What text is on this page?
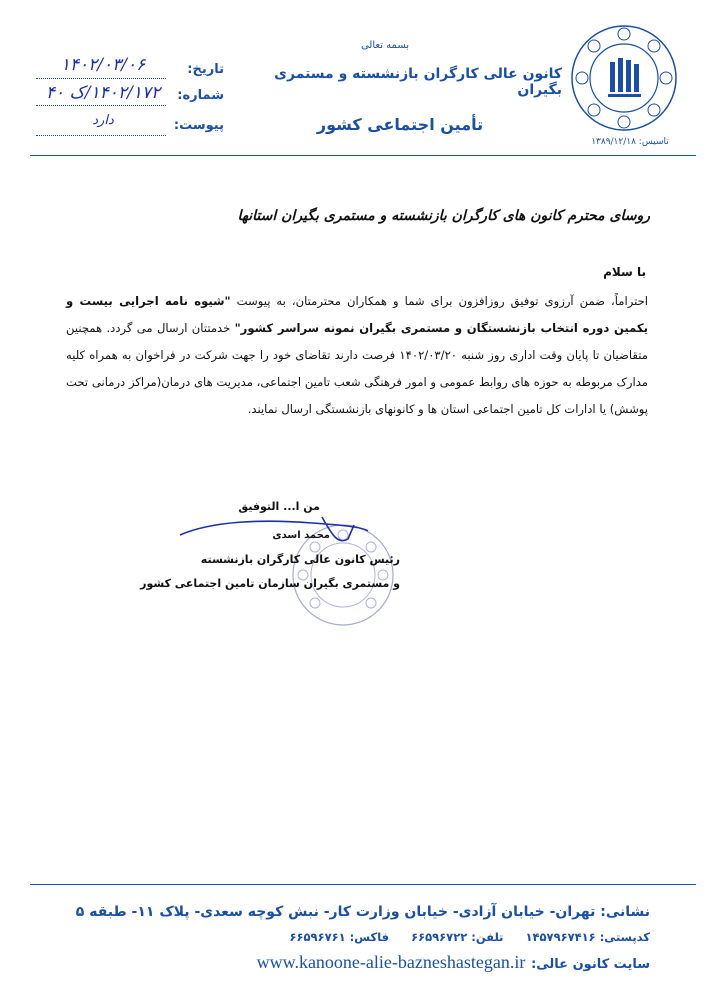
تاسیس: ۱۳۸۹/۱۲/۱۸
بسمه تعالی
کانون عالی کارگران بازنشسته و مستمری بگیران
تأمین اجتماعی کشور
تاریخ:
شماره:
پیوست:
۱۴۰۲/۰۳/۰۶
۱۴۰۲/۱۷۲/ک ۴۰
دارد
روسای محترم کانون های کارگران بازنشسته و مستمری بگیران استانها
با سلام
احتراماً، ضمن آرزوی توفیق روزافزون برای شما و همکاران محترمتان، به پیوست "شیوه نامه اجرایی بیست و یکمین دوره انتخاب بازنشستگان و مستمری بگیران نمونه سراسر کشور" خدمتتان ارسال می گردد. همچنین متقاضیان تا پایان وقت اداری روز شنبه ۱۴۰۲/۰۳/۲۰ فرصت دارند تقاضای خود را جهت شرکت در فراخوان به همراه کلیه مدارک مربوطه به حوزه های روابط عمومی و امور فرهنگی شعب تامین اجتماعی، مدیریت های درمان(مراکز درمانی تحت پوشش) یا ادارات کل تامین اجتماعی استان ها و کانونهای بازنشستگی ارسال نمایند.
من ا... التوفیق
محمد اسدی
رئیس کانون عالی کارگران بازنشسته
و مستمری بگیران سازمان تامین اجتماعی کشور
نشانی: تهران- خیابان آزادی- خیابان وزارت کار- نبش کوچه سعدی- پلاک ۱۱- طبقه ۵
کدپستی: ۱۴۵۷۹۶۷۴۱۶ تلفن: ۶۶۵۹۶۷۲۲ فاکس: ۶۶۵۹۶۷۶۱
سایت کانون عالی: www.kanoone-alie-bazneshastegan.ir
